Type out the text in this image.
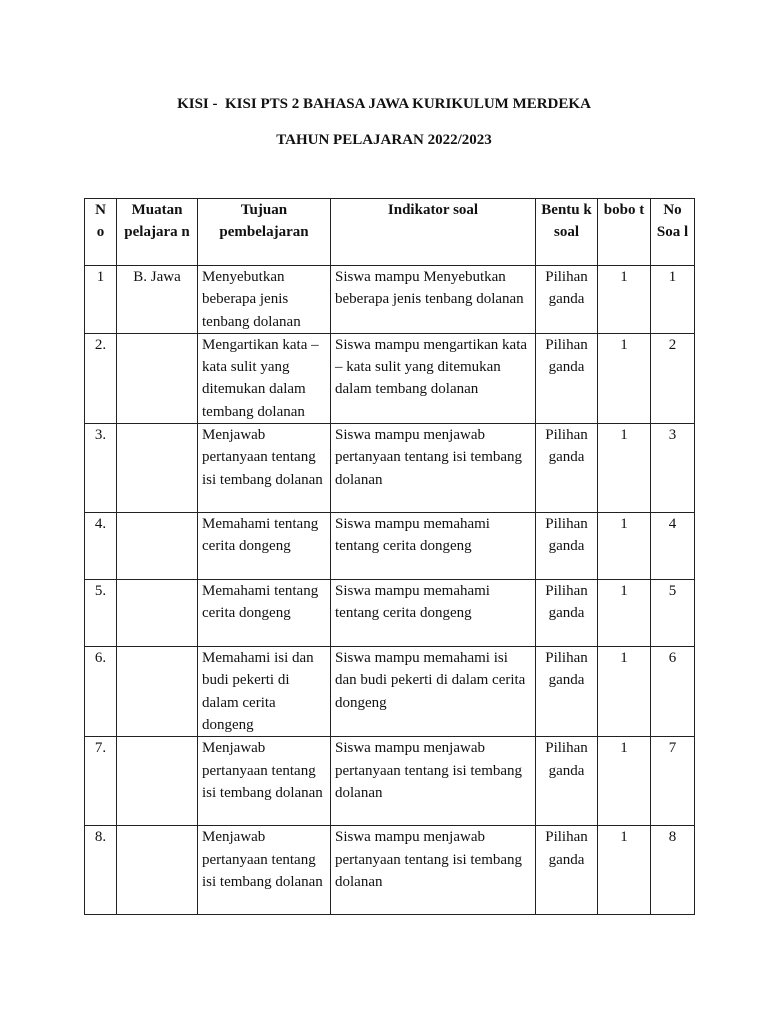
KISI -  KISI PTS 2 BAHASA JAWA KURIKULUM MERDEKA
TAHUN PELAJARAN 2022/2023
N
o	Muatan pelajara n	Tujuan pembelajaran	Indikator soal	Bentu k soal	bobo t	No Soa l
1	B. Jawa	Menyebutkan beberapa jenis tenbang dolanan	Siswa mampu Menyebutkan beberapa jenis tenbang dolanan	Pilihan ganda	1	1
2.		Mengartikan kata – kata sulit yang ditemukan dalam tembang dolanan	Siswa mampu mengartikan kata – kata sulit yang ditemukan dalam tembang dolanan	Pilihan ganda	1	2
3.		Menjawab pertanyaan tentang isi tembang dolanan	Siswa mampu menjawab pertanyaan tentang isi tembang dolanan	Pilihan ganda	1	3
4.		Memahami tentang cerita dongeng	Siswa mampu memahami tentang cerita dongeng	Pilihan ganda	1	4
5.		Memahami tentang cerita dongeng	Siswa mampu memahami tentang cerita dongeng	Pilihan ganda	1	5
6.		Memahami isi dan budi pekerti di dalam cerita dongeng	Siswa mampu memahami isi dan budi pekerti di dalam cerita dongeng	Pilihan ganda	1	6
7.		Menjawab pertanyaan tentang isi tembang dolanan	Siswa mampu menjawab pertanyaan tentang isi tembang dolanan	Pilihan ganda	1	7
8.		Menjawab pertanyaan tentang isi tembang dolanan	Siswa mampu menjawab pertanyaan tentang isi tembang dolanan	Pilihan ganda	1	8
